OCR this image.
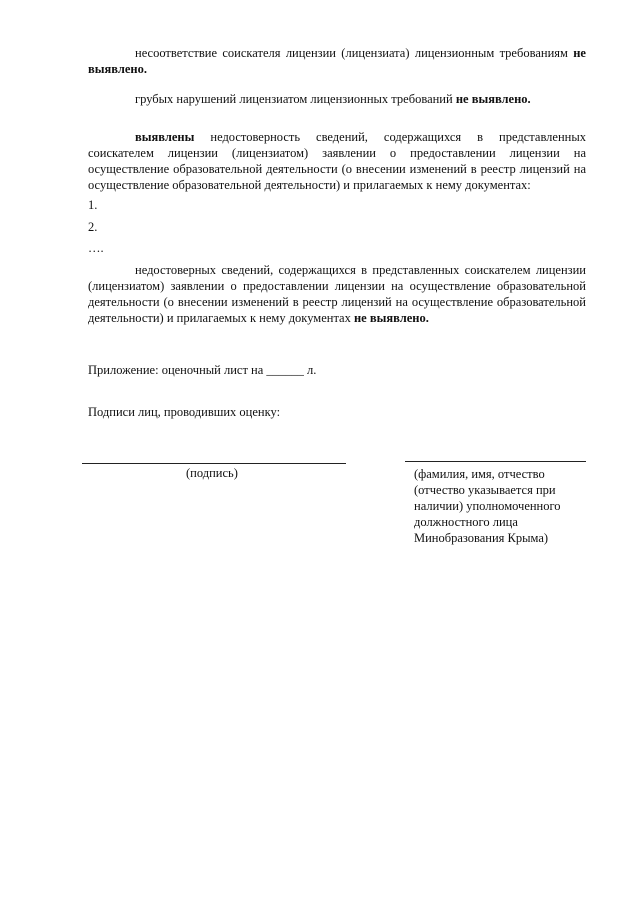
несоответствие соискателя лицензии (лицензиата) лицензионным требованиям не выявлено.

грубых нарушений лицензиатом лицензионных требований не выявлено.

выявлены недостоверность сведений, содержащихся в представленных соискателем лицензии (лицензиатом) заявлении о предоставлении лицензии на осуществление образовательной деятельности (о внесении изменений в реестр лицензий на осуществление образовательной деятельности) и прилагаемых к нему документах:

1.
2.
….

недостоверных сведений, содержащихся в представленных соискателем лицензии (лицензиатом) заявлении о предоставлении лицензии на осуществление образовательной деятельности (о внесении изменений в реестр лицензий на осуществление образовательной деятельности) и прилагаемых к нему документах не выявлено.

Приложение: оценочный лист на ______ л.
Подписи лиц, проводивших оценку:
(подпись)	(фамилия, имя, отчество (отчество указывается при наличии) уполномоченного должностного лица Минобразования Крыма)
